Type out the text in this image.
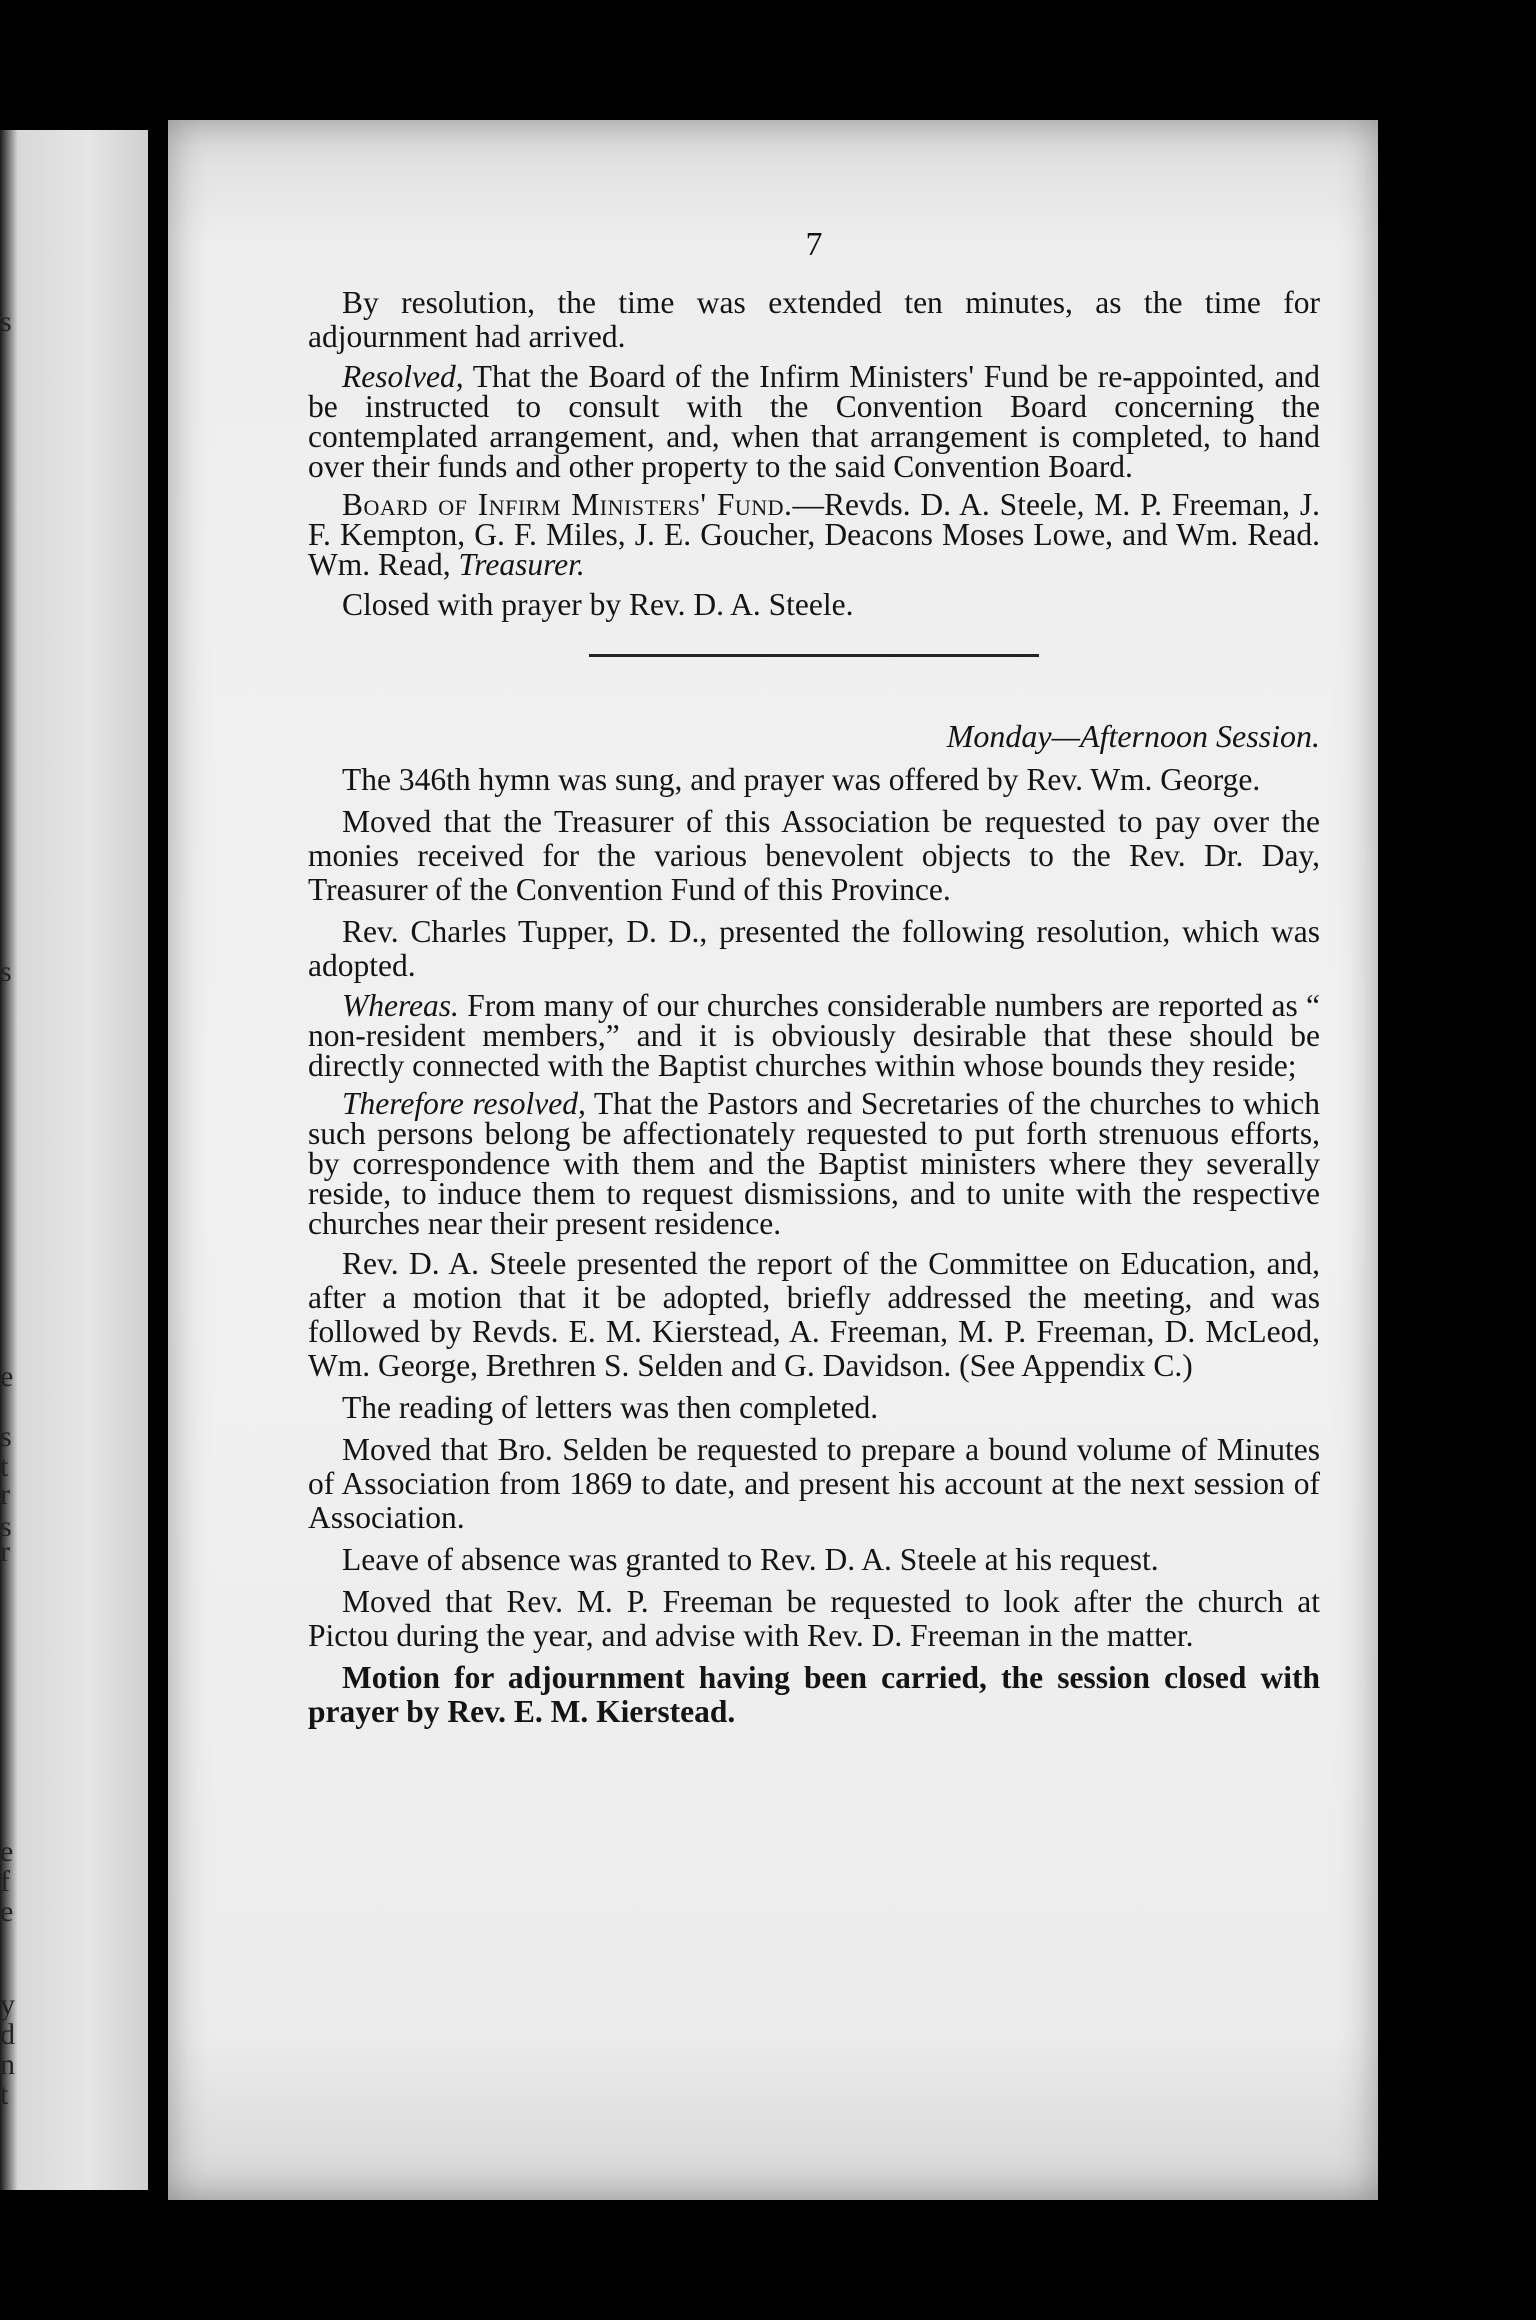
s
s
s
r
e
s
t
r
e
f
e
y
d
n
t
7

By resolution, the time was extended ten minutes, as the time for adjournment had arrived.

Resolved, That the Board of the Infirm Ministers' Fund be re-appointed, and be instructed to consult with the Convention Board concerning the contemplated arrangement, and, when that arrangement is completed, to hand over their funds and other property to the said Convention Board.

Board of Infirm Ministers' Fund.—Revds. D. A. Steele, M. P. Freeman, J. F. Kempton, G. F. Miles, J. E. Goucher, Deacons Moses Lowe, and Wm. Read. Wm. Read, Treasurer.

Closed with prayer by Rev. D. A. Steele.

Monday—Afternoon Session.

The 346th hymn was sung, and prayer was offered by Rev. Wm. George.

Moved that the Treasurer of this Association be requested to pay over the monies received for the various benevolent objects to the Rev. Dr. Day, Treasurer of the Convention Fund of this Province.

Rev. Charles Tupper, D. D., presented the following resolution, which was adopted.

Whereas. From many of our churches considerable numbers are reported as “ non-resident members,” and it is obviously desirable that these should be directly connected with the Baptist churches within whose bounds they reside;

Therefore resolved, That the Pastors and Secretaries of the churches to which such persons belong be affectionately requested to put forth strenuous efforts, by correspondence with them and the Baptist ministers where they severally reside, to induce them to request dismissions, and to unite with the respective churches near their present residence.

Rev. D. A. Steele presented the report of the Committee on Education, and, after a motion that it be adopted, briefly addressed the meeting, and was followed by Revds. E. M. Kierstead, A. Freeman, M. P. Freeman, D. McLeod, Wm. George, Brethren S. Selden and G. Davidson. (See Appendix C.)

The reading of letters was then completed.

Moved that Bro. Selden be requested to prepare a bound volume of Minutes of Association from 1869 to date, and present his account at the next session of Association.

Leave of absence was granted to Rev. D. A. Steele at his request.

Moved that Rev. M. P. Freeman be requested to look after the church at Pictou during the year, and advise with Rev. D. Freeman in the matter.

Motion for adjournment having been carried, the session closed with prayer by Rev. E. M. Kierstead.
